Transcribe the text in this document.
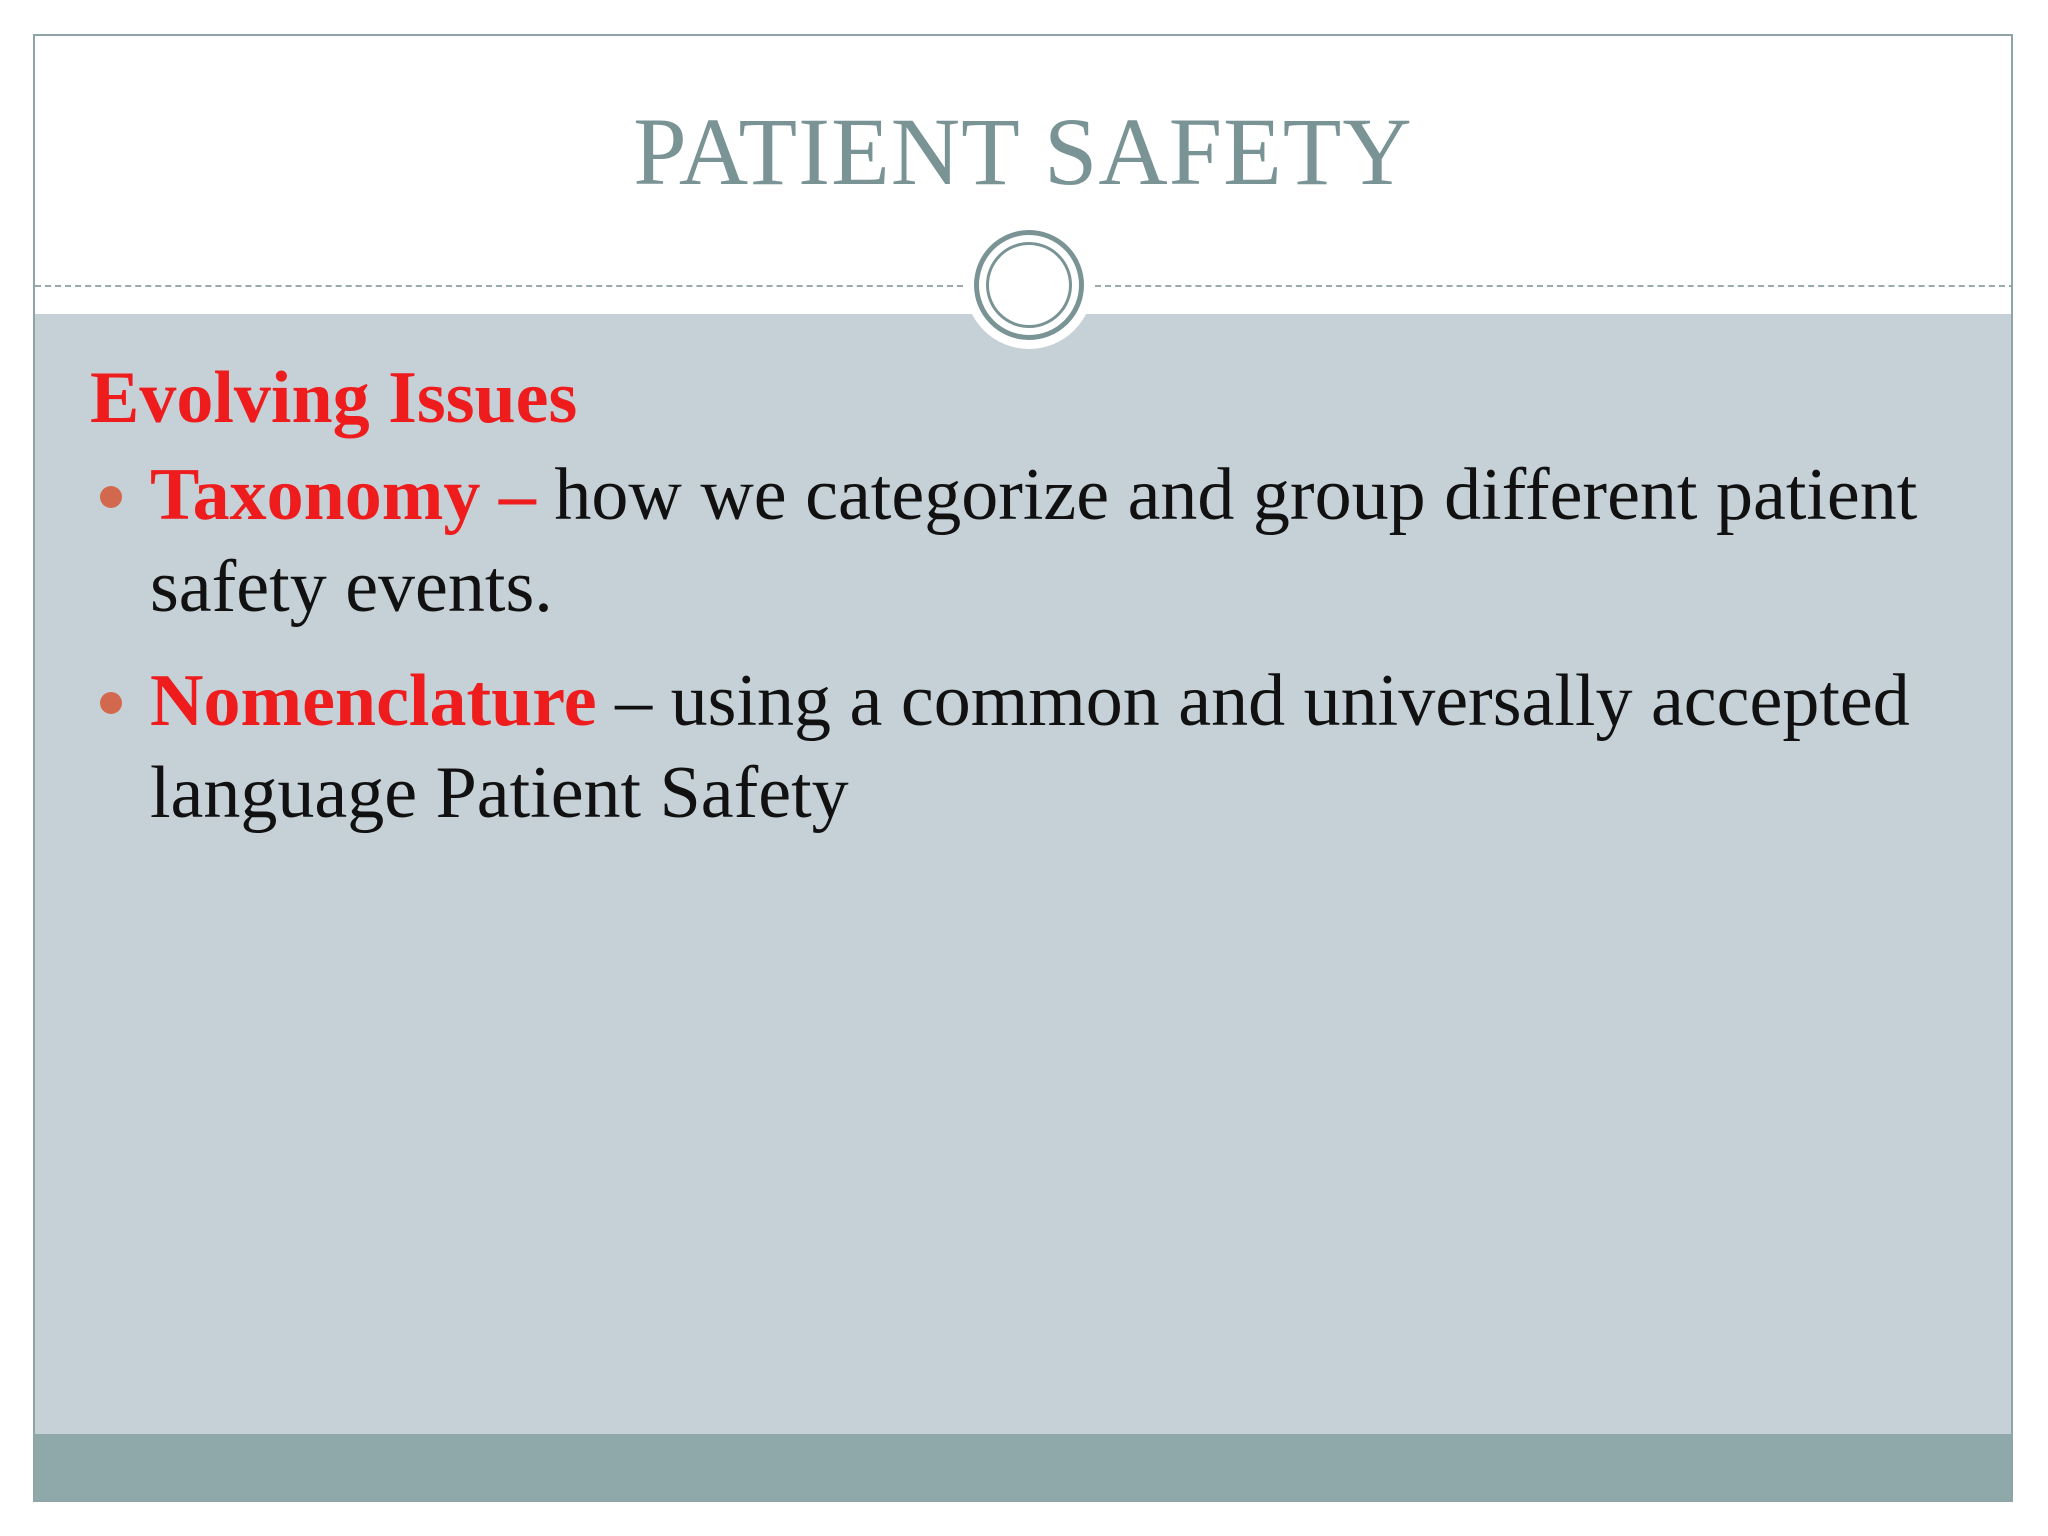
PATIENT SAFETY
Evolving Issues
Taxonomy – how we categorize and group different patient safety events.
Nomenclature – using a common and universally accepted language Patient Safety
